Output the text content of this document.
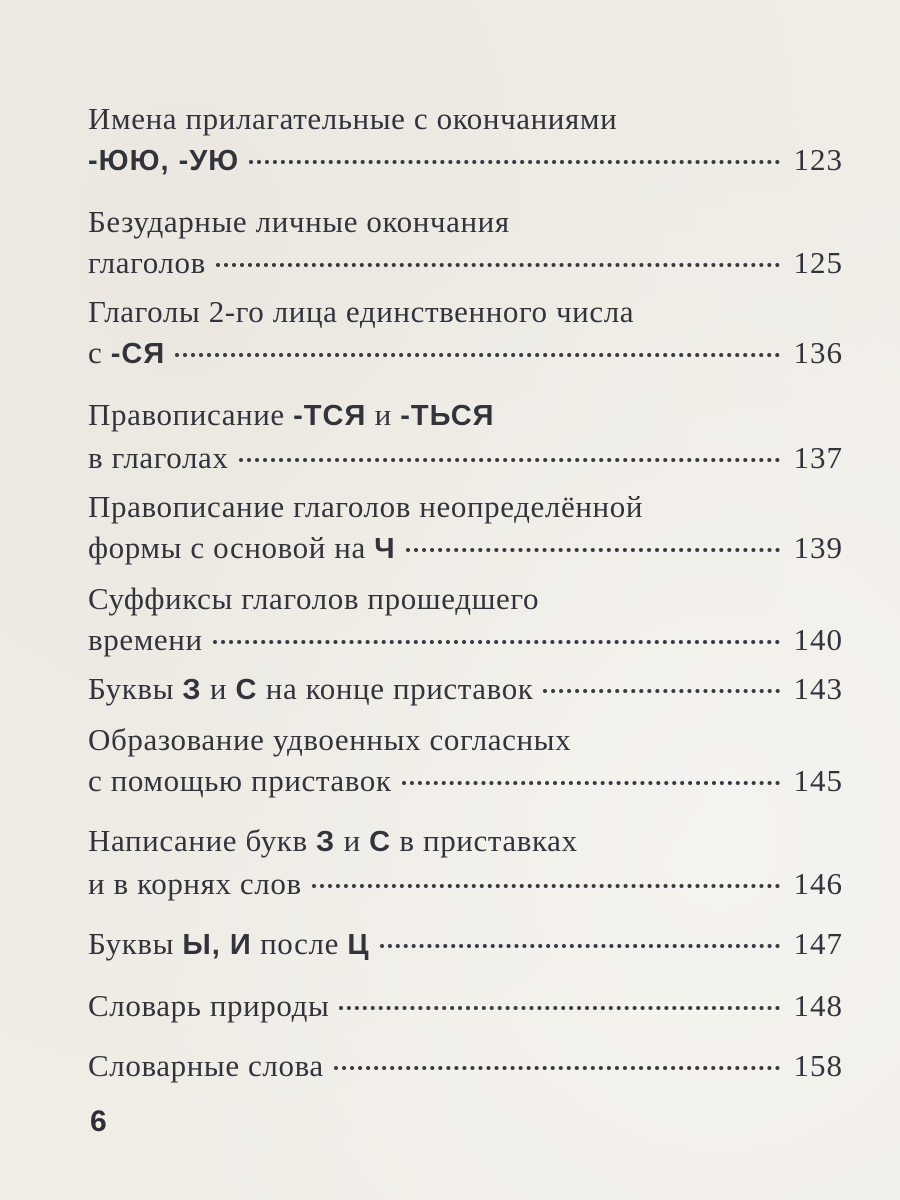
Имена прилагательные с окончаниями
-ЮЮ, -УЮ	123
Безударные личные окончания
глаголов	125
Глаголы 2-го лица единственного числа
с -СЯ	136
Правописание -ТСЯ и -ТЬСЯ
в глаголах	137
Правописание глаголов неопределённой
формы с основой на Ч	139
Суффиксы глаголов прошедшего
времени	140
Буквы З и С на конце приставок	143
Образование удвоенных согласных
с помощью приставок	145
Написание букв З и С в приставках
и в корнях слов	146
Буквы Ы, И после Ц	147
Словарь природы	148
Словарные слова	158
6
